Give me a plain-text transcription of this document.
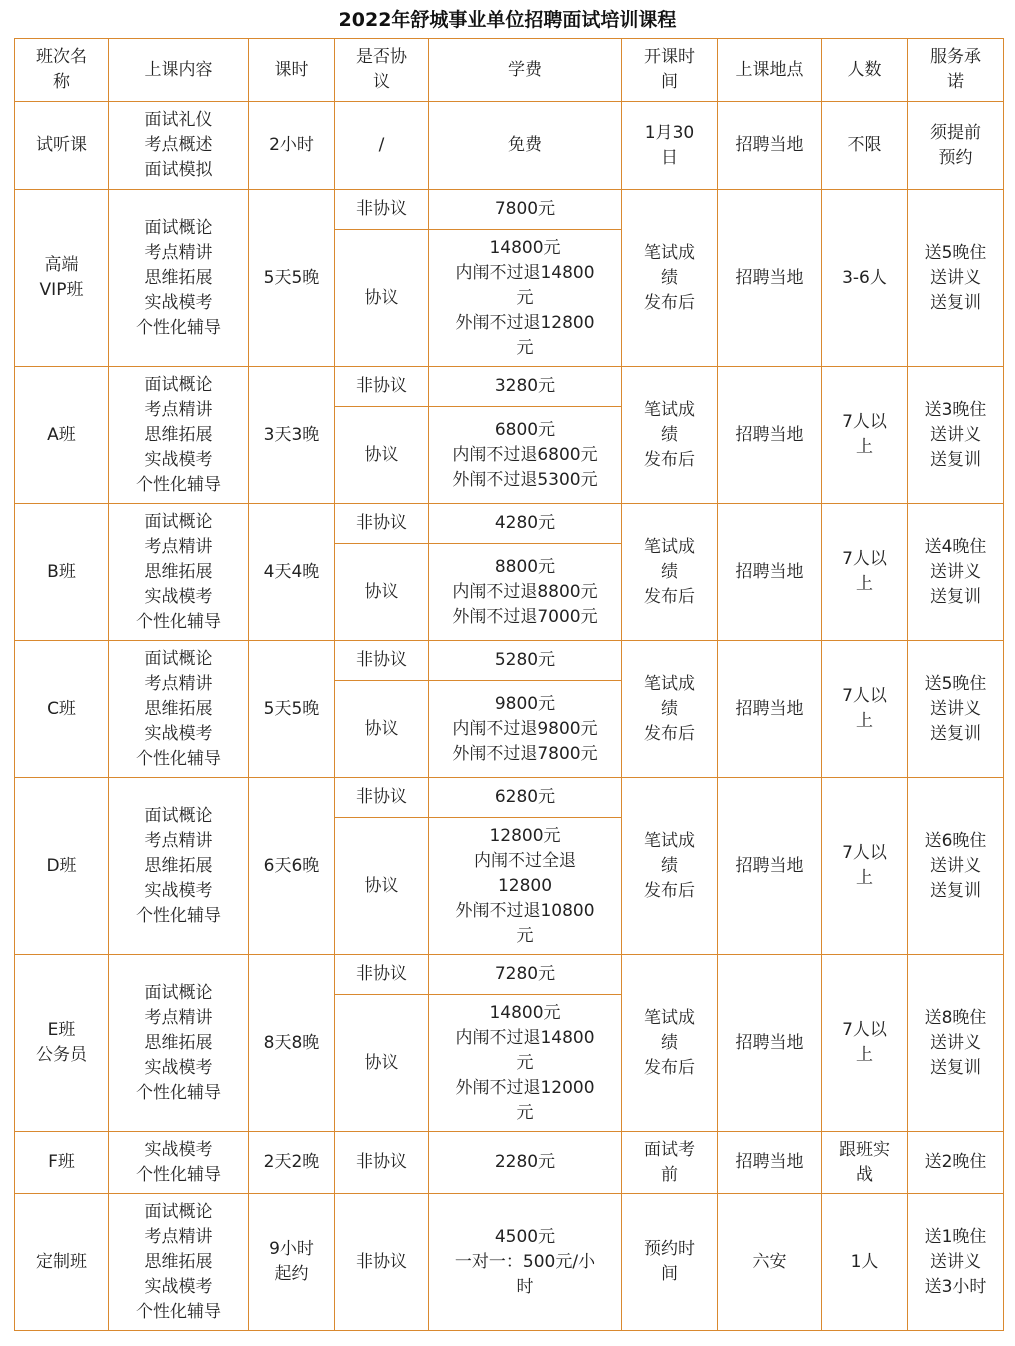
2022年舒城事业单位招聘面试培训课程
班次名
称	上课内容	课时	是否协
议	学费	开课时
间	上课地点	人数	服务承
诺
试听课	面试礼仪
考点概述
面试模拟	2小时	/	免费	1月30
日	招聘当地	不限	须提前
预约
高端
VIP班	面试概论
考点精讲
思维拓展
实战模考
个性化辅导	5天5晚	非协议	7800元	笔试成
绩
发布后	招聘当地	3-6人	送5晚住
送讲义
送复训
			协议	14800元
内闱不过退14800
元
外闱不过退12800
元				
A班	面试概论
考点精讲
思维拓展
实战模考
个性化辅导	3天3晚	非协议	3280元	笔试成
绩
发布后	招聘当地	7人以
上	送3晚住
送讲义
送复训
			协议	6800元
内闱不过退6800元
外闱不过退5300元				
B班	面试概论
考点精讲
思维拓展
实战模考
个性化辅导	4天4晚	非协议	4280元	笔试成
绩
发布后	招聘当地	7人以
上	送4晚住
送讲义
送复训
			协议	8800元
内闱不过退8800元
外闱不过退7000元				
C班	面试概论
考点精讲
思维拓展
实战模考
个性化辅导	5天5晚	非协议	5280元	笔试成
绩
发布后	招聘当地	7人以
上	送5晚住
送讲义
送复训
			协议	9800元
内闱不过退9800元
外闱不过退7800元				
D班	面试概论
考点精讲
思维拓展
实战模考
个性化辅导	6天6晚	非协议	6280元	笔试成
绩
发布后	招聘当地	7人以
上	送6晚住
送讲义
送复训
			协议	12800元
内闱不过全退
12800
外闱不过退10800
元				
E班
公务员	面试概论
考点精讲
思维拓展
实战模考
个性化辅导	8天8晚	非协议	7280元	笔试成
绩
发布后	招聘当地	7人以
上	送8晚住
送讲义
送复训
			协议	14800元
内闱不过退14800
元
外闱不过退12000
元				
F班	实战模考
个性化辅导	2天2晚	非协议	2280元	面试考
前	招聘当地	跟班实
战	送2晚住
定制班	面试概论
考点精讲
思维拓展
实战模考
个性化辅导	9小时
起约	非协议	4500元
一对一：500元/小
时	预约时
间	六安	1人	送1晚住
送讲义
送3小时
